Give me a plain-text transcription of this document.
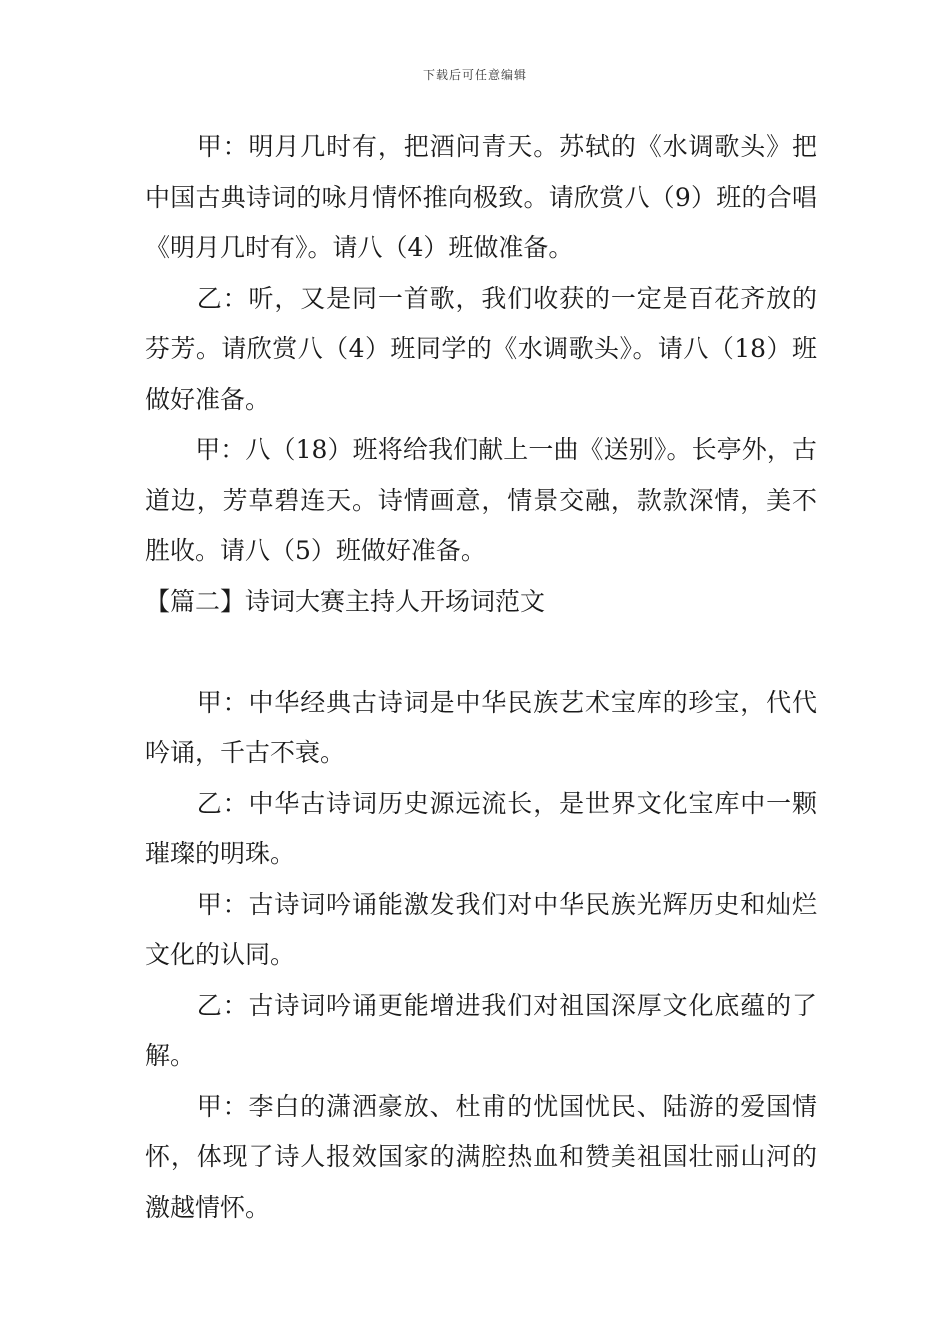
下载后可任意编辑

　　甲：明月几时有，把酒问青天。苏轼的《水调歌头》把中国古典诗词的咏月情怀推向极致。请欣赏八（9）班的合唱《明月几时有》。请八（4）班做准备。

　　乙：听，又是同一首歌，我们收获的一定是百花齐放的芬芳。请欣赏八（4）班同学的《水调歌头》。请八（18）班做好准备。

　　甲：八（18）班将给我们献上一曲《送别》。长亭外，古道边，芳草碧连天。诗情画意，情景交融，款款深情，美不胜收。请八（5）班做好准备。

【篇二】诗词大赛主持人开场词范文

　　甲：中华经典古诗词是中华民族艺术宝库的珍宝，代代吟诵，千古不衰。

　　乙：中华古诗词历史源远流长，是世界文化宝库中一颗璀璨的明珠。

　　甲：古诗词吟诵能激发我们对中华民族光辉历史和灿烂文化的认同。

　　乙：古诗词吟诵更能增进我们对祖国深厚文化底蕴的了解。

　　甲：李白的潇洒豪放、杜甫的忧国忧民、陆游的爱国情怀，体现了诗人报效国家的满腔热血和赞美祖国壮丽山河的激越情怀。
